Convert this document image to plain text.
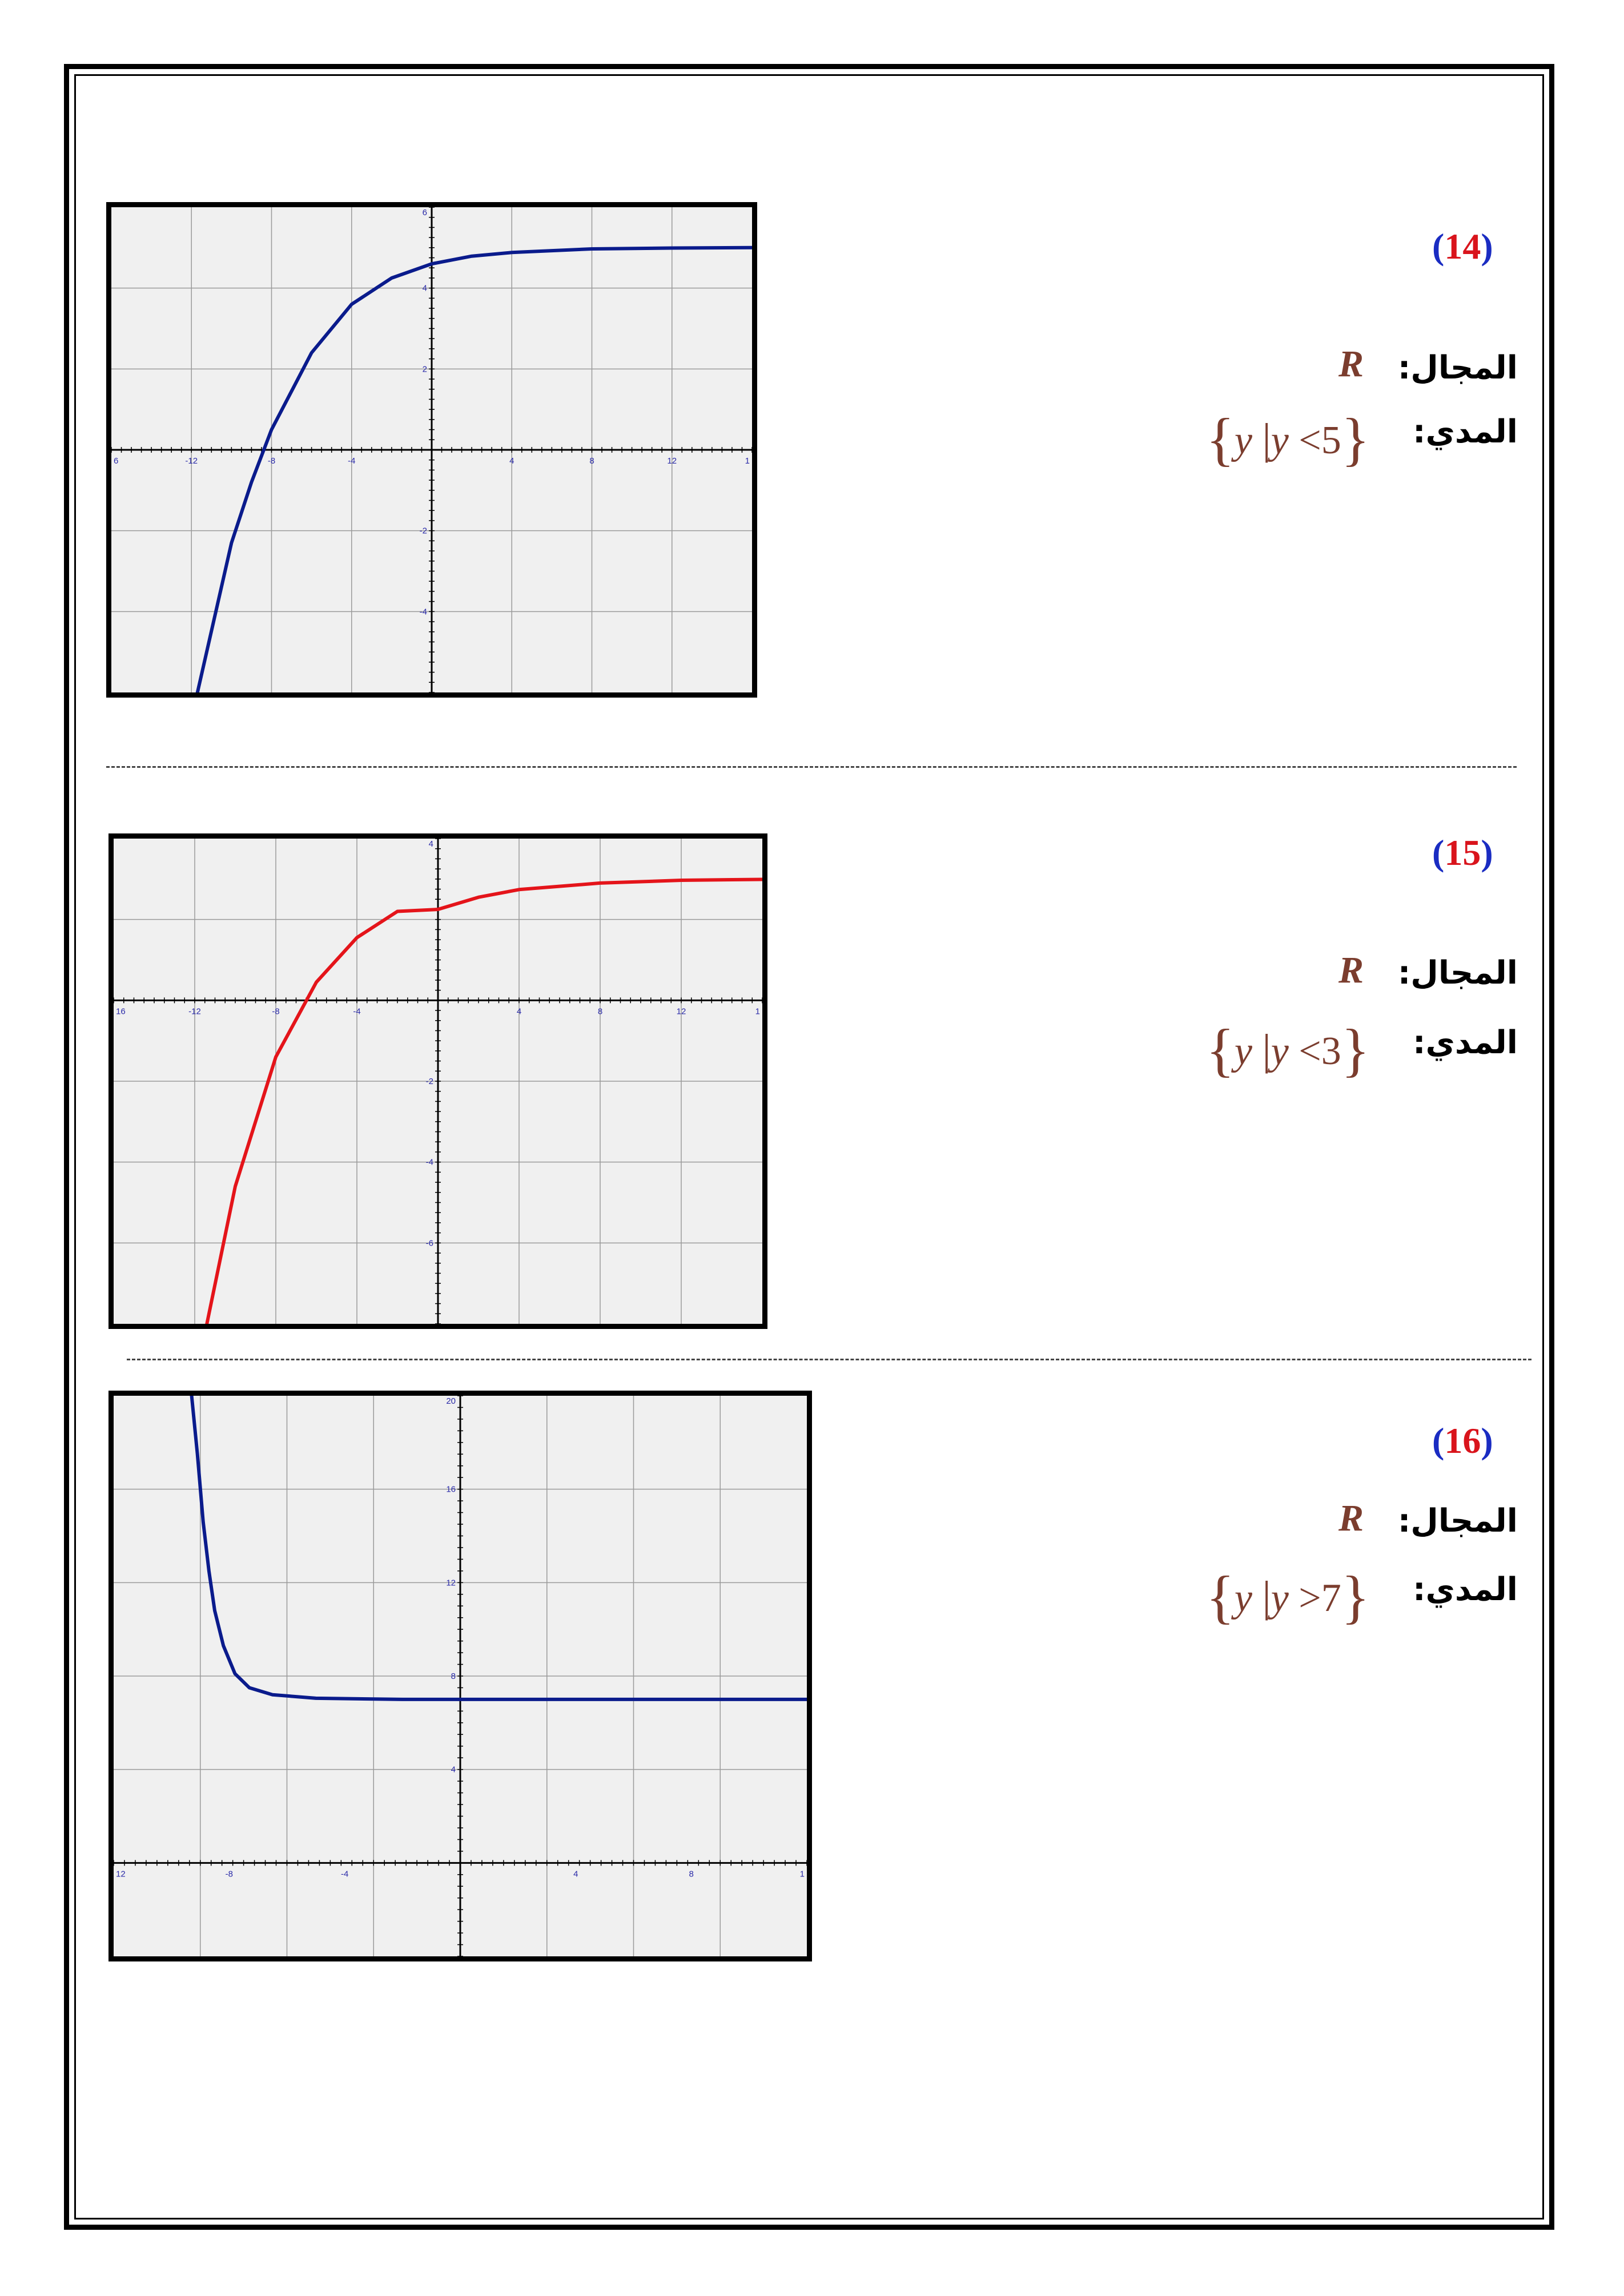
-12	-8	-4	4	8	12
4
2
-2
-4
6	1
6
(14)
المجال:
R
المدي:
{y |y <5}
-12	-8	-4	4	8	12
-2
-4
-6
16	1
4	(15)
المجال:
R
المدي:
{y |y <3}
-8	-4	4	8
16
12
8
4
12	1
20
(16)
المجال:
R
المدي:
{y |y >7}
